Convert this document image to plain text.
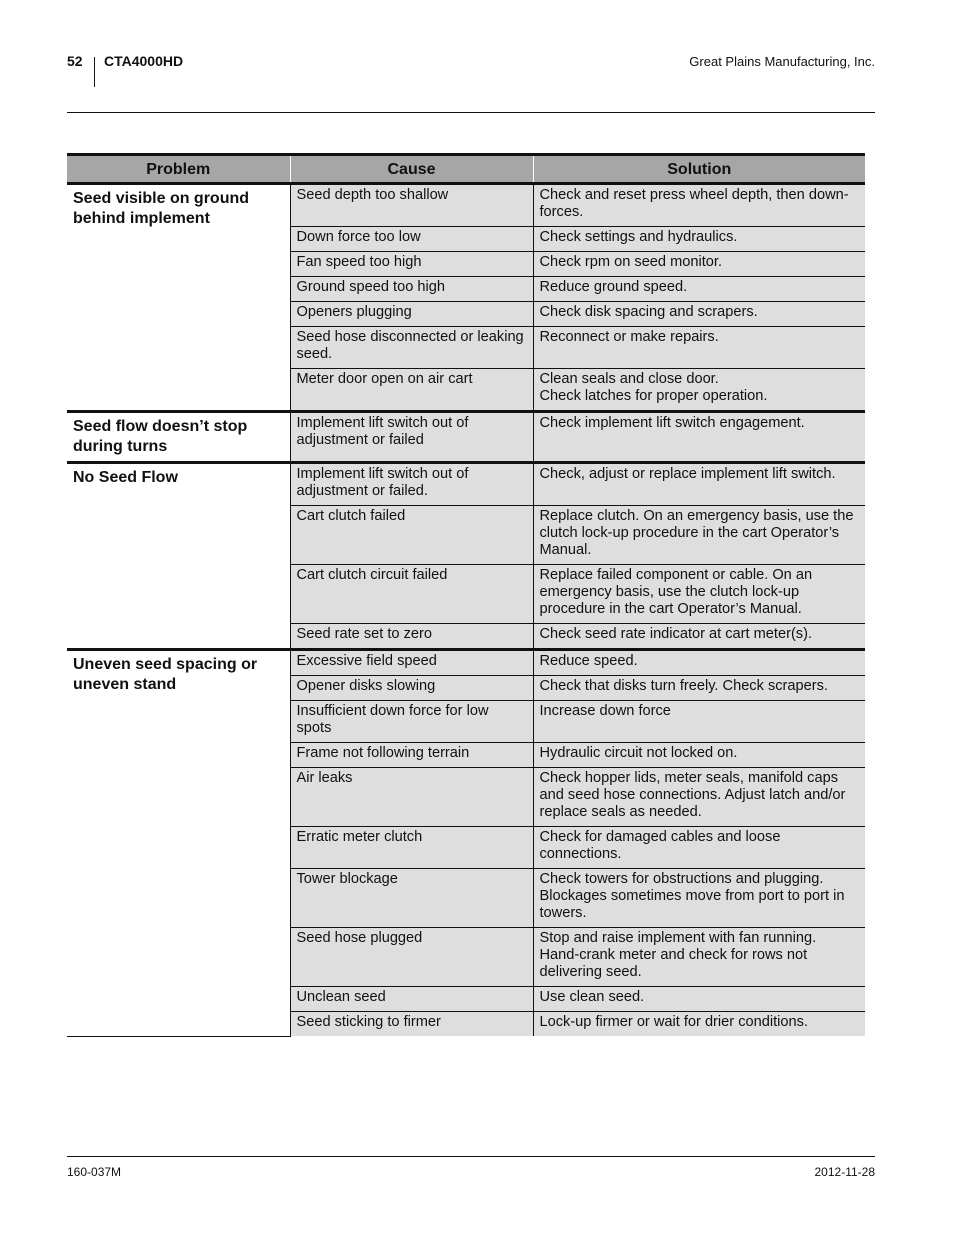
52 CTA4000HD	Great Plains Manufacturing, Inc.
Problem	Cause	Solution
Seed visible on ground behind implement	Seed depth too shallow	Check and reset press wheel depth, then down-forces.
	Down force too low	Check settings and hydraulics.
	Fan speed too high	Check rpm on seed monitor.
	Ground speed too high	Reduce ground speed.
	Openers plugging	Check disk spacing and scrapers.
	Seed hose disconnected or leaking seed.	Reconnect or make repairs.
	Meter door open on air cart	Clean seals and close door.
Check latches for proper operation.
Seed flow doesn’t stop during turns	Implement lift switch out of adjustment or failed	Check implement lift switch engagement.
No Seed Flow	Implement lift switch out of adjustment or failed.	Check, adjust or replace implement lift switch.
	Cart clutch failed	Replace clutch. On an emergency basis, use the clutch lock-up procedure in the cart Operator’s Manual.
	Cart clutch circuit failed	Replace failed component or cable. On an emergency basis, use the clutch lock-up procedure in the cart Operator’s Manual.
	Seed rate set to zero	Check seed rate indicator at cart meter(s).
Uneven seed spacing or uneven stand	Excessive field speed	Reduce speed.
	Opener disks slowing	Check that disks turn freely. Check scrapers.
	Insufficient down force for low spots	Increase down force
	Frame not following terrain	Hydraulic circuit not locked on.
	Air leaks	Check hopper lids, meter seals, manifold caps and seed hose connections. Adjust latch and/or replace seals as needed.
	Erratic meter clutch	Check for damaged cables and loose connections.
	Tower blockage	Check towers for obstructions and plugging. Blockages sometimes move from port to port in towers.
	Seed hose plugged	Stop and raise implement with fan running. Hand-crank meter and check for rows not delivering seed.
	Unclean seed	Use clean seed.
	Seed sticking to firmer	Lock-up firmer or wait for drier conditions.
160-037M	2012-11-28
